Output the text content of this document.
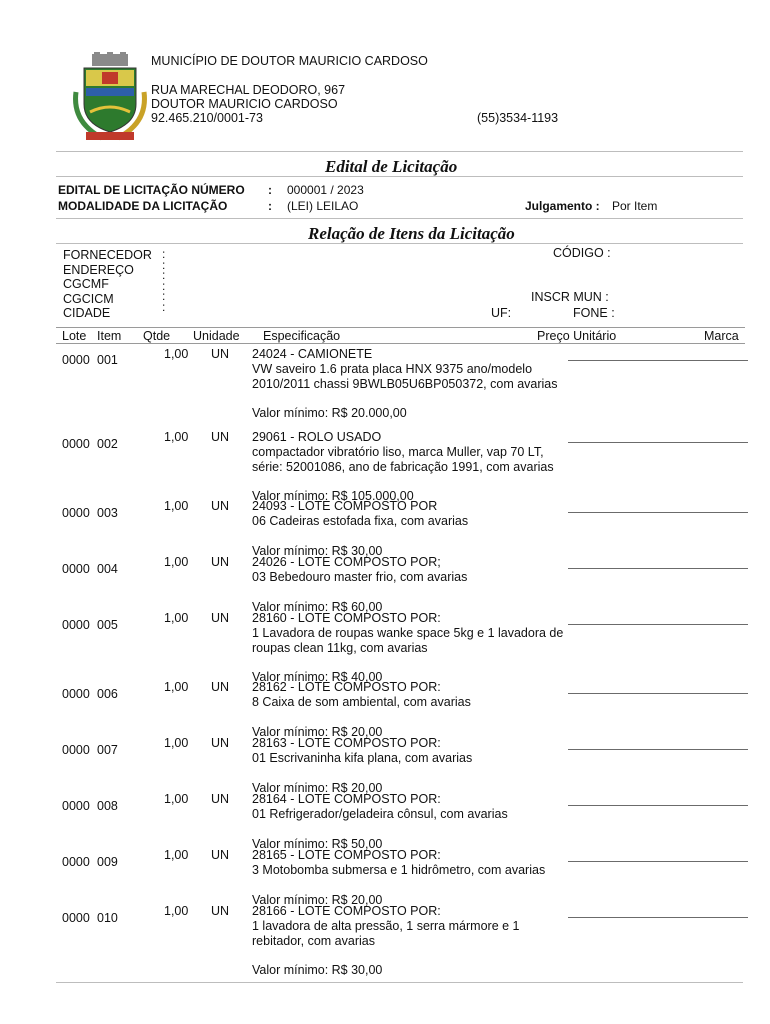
MUNICÍPIO DE DOUTOR MAURICIO CARDOSO
RUA MARECHAL DEODORO, 967
DOUTOR MAURICIO CARDOSO
92.465.210/0001-73	(55)3534-1193
Edital de Licitação
EDITAL DE LICITAÇÃO NÚMERO : 000001 / 2023
MODALIDADE DA LICITAÇÃO	: (LEI) LEILAO	Julgamento : Por Item
Relação de Itens da Licitação
FORNECEDOR
ENDEREÇO
CGCMF
CGCICM
CIDADE
:
:
:
:
:
:
CÓDIGO :
INSCR MUN :
UF:	FONE :
Lote Item Qtde Unidade Especificação	Preço Unitário	Marca
0000 001	1,00 UN 24024 - CAMIONETE
VW saveiro 1.6 prata placa HNX 9375 ano/modelo 2010/2011 chassi 9BWLB05U6BP050372, com avarias
Valor mínimo: R$ 20.000,00
0000 002	1,00 UN 29061 - ROLO USADO
compactador vibratório liso, marca Muller, vap 70 LT, série: 52001086, ano de fabricação 1991, com avarias
Valor mínimo: R$ 105.000,00
0000 003	1,00 UN 24093 - LOTE COMPOSTO POR
06 Cadeiras estofada fixa, com avarias
Valor mínimo: R$ 30,00
0000 004	1,00 UN 24026 - LOTE COMPOSTO POR;
03 Bebedouro master frio, com avarias
Valor mínimo: R$ 60,00
0000 005	1,00 UN 28160 - LOTE COMPOSTO POR:
1 Lavadora de roupas wanke space 5kg e 1 lavadora de roupas clean 11kg, com avarias
Valor mínimo: R$ 40,00
0000 006	1,00 UN 28162 - LOTE COMPOSTO POR:
8 Caixa de som ambiental, com avarias
Valor mínimo: R$ 20,00
0000 007	1,00 UN 28163 - LOTE COMPOSTO POR:
01 Escrivaninha kifa plana, com avarias
Valor mínimo: R$ 20,00
0000 008	1,00 UN 28164 - LOTE COMPOSTO POR:
01 Refrigerador/geladeira cônsul, com avarias
Valor mínimo: R$ 50,00
0000 009	1,00 UN 28165 - LOTE COMPOSTO POR:
3 Motobomba submersa e 1 hidrômetro, com avarias
Valor mínimo: R$ 20,00
0000 010	1,00 UN 28166 - LOTE COMPOSTO POR:
1 lavadora de alta pressão, 1 serra mármore e 1 rebitador, com avarias
Valor mínimo: R$ 30,00
